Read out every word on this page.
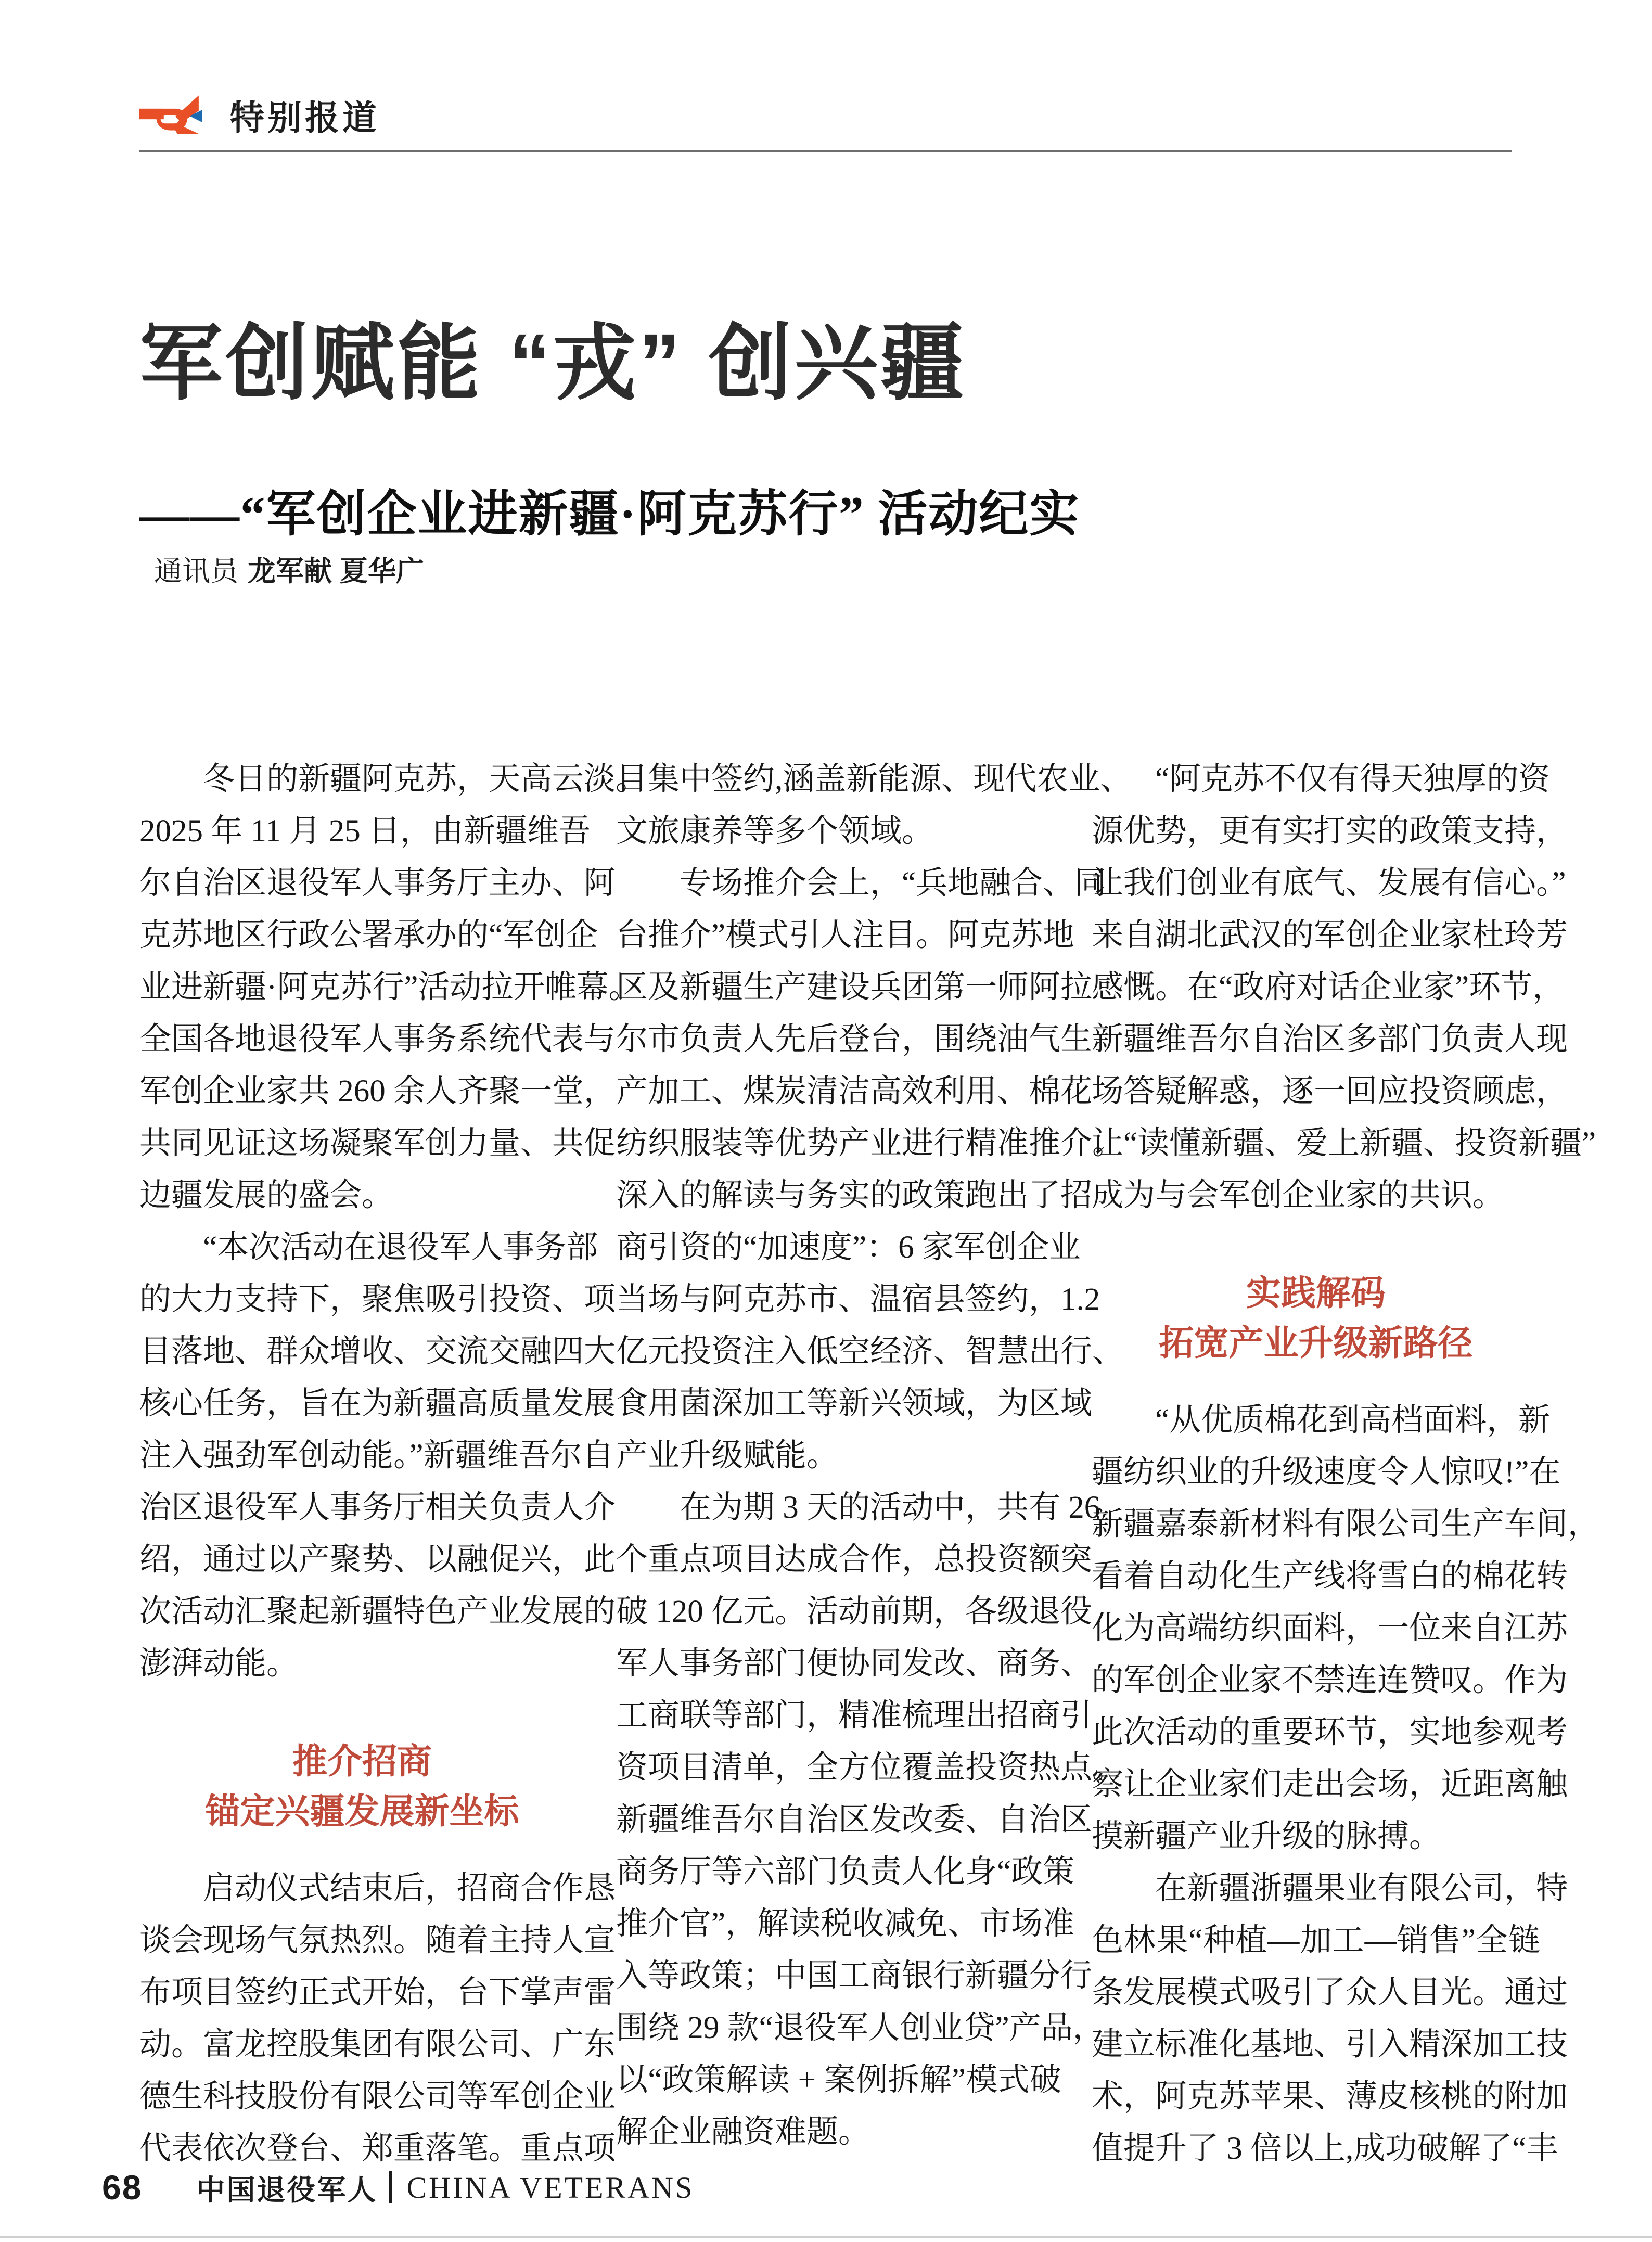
特别报道
军创赋能 “戎” 创兴疆
——“军创企业进新疆·阿克苏行” 活动纪实
通讯员 龙军献 夏华广
冬日的新疆阿克苏，天高云淡。
2025 年 11 月 25 日，由新疆维吾
尔自治区退役军人事务厅主办、阿
克苏地区行政公署承办的“军创企
业进新疆·阿克苏行”活动拉开帷幕。
全国各地退役军人事务系统代表与
军创企业家共 260 余人齐聚一堂，
共同见证这场凝聚军创力量、共促
边疆发展的盛会。
“本次活动在退役军人事务部
的大力支持下，聚焦吸引投资、项
目落地、群众增收、交流交融四大
核心任务，旨在为新疆高质量发展
注入强劲军创动能。”新疆维吾尔自
治区退役军人事务厅相关负责人介
绍，通过以产聚势、以融促兴，此
次活动汇聚起新疆特色产业发展的
澎湃动能。
推介招商
锚定兴疆发展新坐标
启动仪式结束后，招商合作恳
谈会现场气氛热烈。随着主持人宣
布项目签约正式开始，台下掌声雷
动。富龙控股集团有限公司、广东
德生科技股份有限公司等军创企业
代表依次登台、郑重落笔。重点项
目集中签约,涵盖新能源、现代农业、
文旅康养等多个领域。
专场推介会上，“兵地融合、同
台推介”模式引人注目。阿克苏地
区及新疆生产建设兵团第一师阿拉
尔市负责人先后登台，围绕油气生
产加工、煤炭清洁高效利用、棉花
纺织服装等优势产业进行精准推介。
深入的解读与务实的政策跑出了招
商引资的“加速度”：6 家军创企业
当场与阿克苏市、温宿县签约，1.2
亿元投资注入低空经济、智慧出行、
食用菌深加工等新兴领域，为区域
产业升级赋能。
在为期 3 天的活动中，共有 26
个重点项目达成合作，总投资额突
破 120 亿元。活动前期，各级退役
军人事务部门便协同发改、商务、
工商联等部门，精准梳理出招商引
资项目清单，全方位覆盖投资热点。
新疆维吾尔自治区发改委、自治区
商务厅等六部门负责人化身“政策
推介官”，解读税收减免、市场准
入等政策；中国工商银行新疆分行
围绕 29 款“退役军人创业贷”产品，
以“政策解读 + 案例拆解”模式破
解企业融资难题。
“阿克苏不仅有得天独厚的资
源优势，更有实打实的政策支持，
让我们创业有底气、发展有信心。”
来自湖北武汉的军创企业家杜玲芳
感慨。在“政府对话企业家”环节，
新疆维吾尔自治区多部门负责人现
场答疑解惑，逐一回应投资顾虑，
让“读懂新疆、爱上新疆、投资新疆”
成为与会军创企业家的共识。
实践解码
拓宽产业升级新路径
“从优质棉花到高档面料，新
疆纺织业的升级速度令人惊叹!”在
新疆嘉泰新材料有限公司生产车间，
看着自动化生产线将雪白的棉花转
化为高端纺织面料，一位来自江苏
的军创企业家不禁连连赞叹。作为
此次活动的重要环节，实地参观考
察让企业家们走出会场，近距离触
摸新疆产业升级的脉搏。
在新疆浙疆果业有限公司，特
色林果“种植—加工—销售”全链
条发展模式吸引了众人目光。通过
建立标准化基地、引入精深加工技
术，阿克苏苹果、薄皮核桃的附加
值提升了 3 倍以上,成功破解了“丰
68 中国退役军人 CHINA VETERANS
